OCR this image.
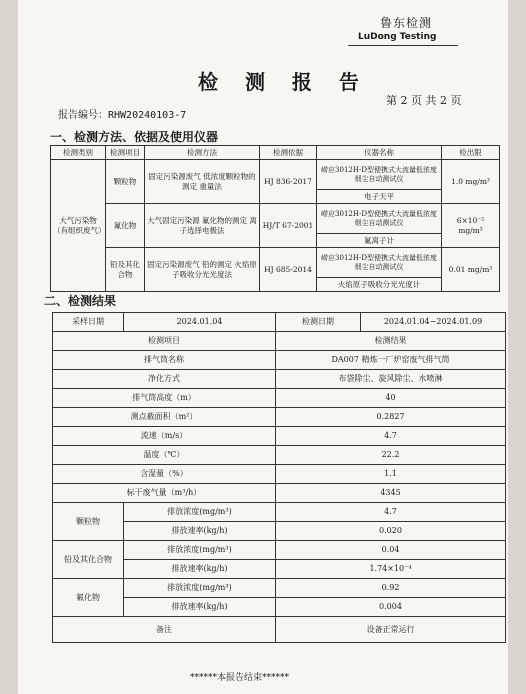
鲁东检测
LuDong Testing
检 测 报 告
第 2 页 共 2 页
报告编号：RHW20240103-7
一、检测方法、依据及使用仪器
检测类别	检测项目	检测方法	检测依据	仪器名称	检出限
大气污染物（有组织废气）	颗粒物	固定污染源废气 低浓度颗粒物的测定 重量法	HJ 836-2017	崂应3012H-D型便携式大流量低浓度烟尘自动测试仪	1.0 mg/m³
				电子天平	
	氟化物	大气固定污染源 氟化物的测定 离子选择电极法	HJ/T 67-2001	崂应3012H-D型便携式大流量低浓度烟尘自动测试仪	6×10⁻² mg/m³
				氟离子计	
	铅及其化合物	固定污染源废气 铅的测定 火焰原子吸收分光光度法	HJ 685-2014	崂应3012H-D型便携式大流量低浓度烟尘自动测试仪	0.01 mg/m³
				火焰原子吸收分光光度计	
二、检测结果
采样日期	2024.01.04	检测日期	2024.01.04~2024.01.09
检测项目		检测结果	
排气筒名称		DA007 精炼一厂炉窑废气排气筒	
净化方式		布袋除尘、旋风除尘、水喷淋	
排气筒高度（m）		40	
测点截面积（m²）		0.2827	
流速（m/s）		4.7	
温度（℃）		22.2	
含湿量（%）		1.1	
标干废气量（m³/h）		4345	
颗粒物	排放浓度(mg/m³)	4.7	
	排放速率(kg/h)	0.020	
铅及其化合物	排放浓度(mg/m³)	0.04	
	排放速率(kg/h)	1.74×10⁻⁴	
氟化物	排放浓度(mg/m³)	0.92	
	排放速率(kg/h)	0.004	
备注		设备正常运行	
******本报告结束******
